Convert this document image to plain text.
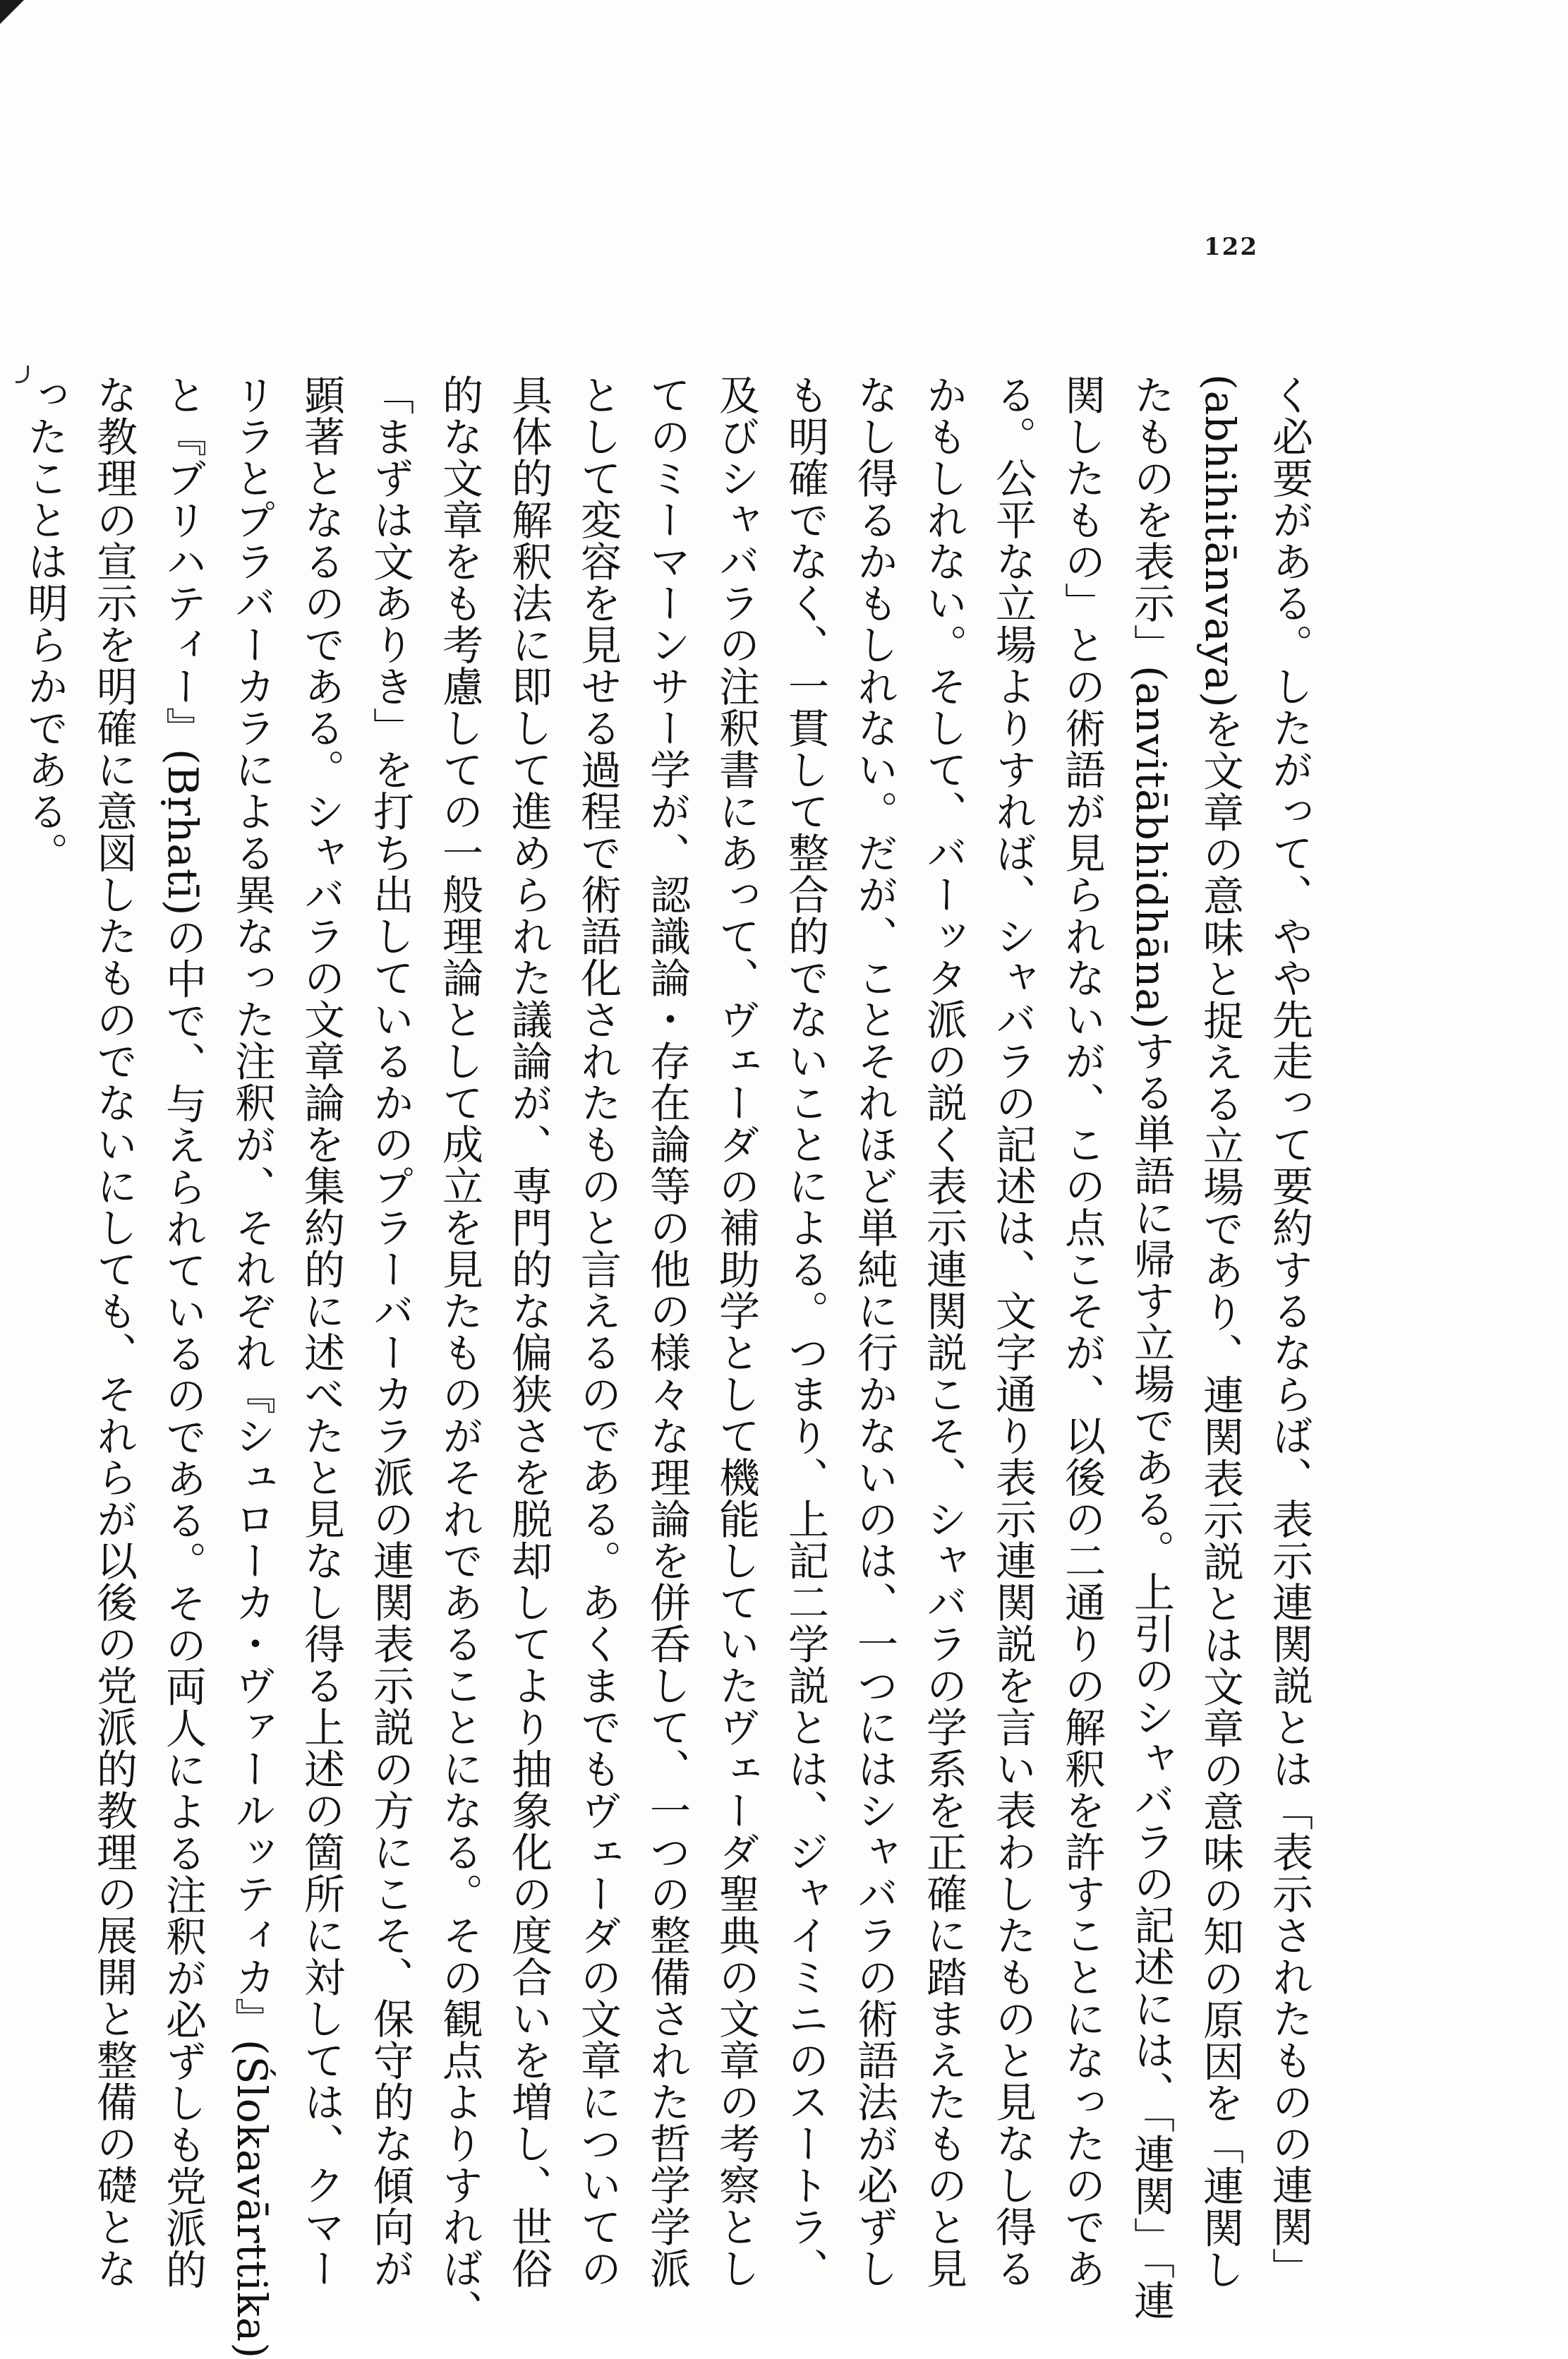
122
く必要がある。したがって、やや先走って要約するならば、表示連関説とは「表示されたものの連関」
(abhihitānvaya)を文章の意味と捉える立場であり、連関表示説とは文章の意味の知の原因を「連関し
たものを表示」(anvitābhidhāna)する単語に帰す立場である。上引のシャバラの記述には、「連関」「連
関したもの」との術語が見られないが、この点こそが、以後の二通りの解釈を許すことになったのであ
る。公平な立場よりすれば、シャバラの記述は、文字通り表示連関説を言い表わしたものと見なし得る
かもしれない。そして、バーッタ派の説く表示連関説こそ、シャバラの学系を正確に踏まえたものと見
なし得るかもしれない。だが、ことそれほど単純に行かないのは、一つにはシャバラの術語法が必ずし
も明確でなく、一貫して整合的でないことによる。つまり、上記二学説とは、ジャイミニのスートラ、
及びシャバラの注釈書にあって、ヴェーダの補助学として機能していたヴェーダ聖典の文章の考察とし
てのミーマーンサー学が、認識論・存在論等の他の様々な理論を併呑して、一つの整備された哲学学派
として変容を見せる過程で術語化されたものと言えるのである。あくまでもヴェーダの文章についての
具体的解釈法に即して進められた議論が、専門的な偏狭さを脱却してより抽象化の度合いを増し、世俗
的な文章をも考慮しての一般理論として成立を見たものがそれであることになる。その観点よりすれば、
「まずは文ありき」を打ち出しているかのプラーバーカラ派の連関表示説の方にこそ、保守的な傾向が
顕著となるのである。シャバラの文章論を集約的に述べたと見なし得る上述の箇所に対しては、クマー
リラとプラバーカラによる異なった注釈が、それぞれ『シュローカ・ヴァールッティカ』(Ślokavārttika)
と『ブリハティー』(Bṛhatī)の中で、与えられているのである。その両人による注釈が必ずしも党派的
な教理の宣示を明確に意図したものでないにしても、それらが以後の党派的教理の展開と整備の礎とな
ったことは明らかである。
